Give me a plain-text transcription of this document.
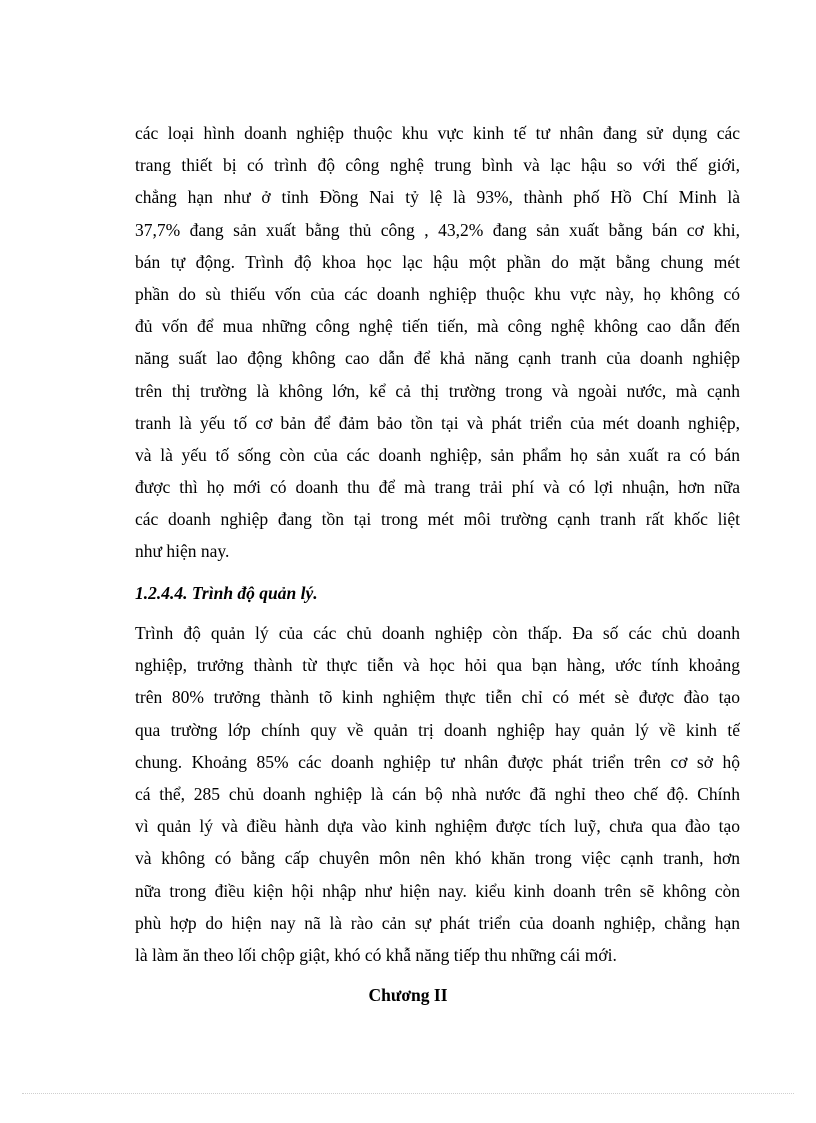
các loại hình doanh nghiệp thuộc khu vực kinh tế tư nhân đang sử dụng các
trang thiết bị có trình độ công nghệ trung bình và lạc hậu so với thế giới,
chẳng hạn như ở tỉnh Đồng Nai tỷ lệ là 93%, thành phố Hồ Chí Minh là
37,7% đang sản xuất bằng thủ công , 43,2% đang sản xuất bằng bán cơ khi,
bán tự động. Trình độ khoa học lạc hậu một phần do mặt bằng chung mét
phần do sù thiếu vốn của các doanh nghiệp thuộc khu vực này, họ không có
đủ vốn để mua những công nghệ tiến tiến, mà công nghệ không cao dẫn đến
năng suất lao động không cao dẫn để khả năng cạnh tranh của doanh nghiệp
trên thị trường là không lớn, kể cả thị trường trong và ngoài nước, mà cạnh
tranh là yếu tố cơ bản để đảm bảo tồn tại và phát triển của mét doanh nghiệp,
và là yếu tố sống còn của các doanh nghiệp, sản phẩm họ sản xuất ra có bán
được thì họ mới có doanh thu để mà trang trải phí và có lợi nhuận, hơn nữa
các doanh nghiệp đang tồn tại trong mét môi trường cạnh tranh rất khốc liệt
như hiện nay.
1.2.4.4. Trình độ quản lý.
Trình độ quản lý của các chủ doanh nghiệp còn thấp. Đa số các chủ doanh
nghiệp, trưởng thành từ thực tiễn và học hỏi qua bạn hàng, ước tính khoảng
trên 80% trưởng thành tõ kinh nghiệm thực tiễn chỉ có mét sè được đào tạo
qua trường lớp chính quy về quản trị doanh nghiệp hay quản lý về kinh tế
chung. Khoảng 85% các doanh nghiệp tư nhân được phát triển trên cơ sở hộ
cá thể, 285 chủ doanh nghiệp là cán bộ nhà nước đã nghỉ theo chế độ. Chính
vì quản lý và điều hành dựa vào kinh nghiệm được tích luỹ, chưa qua đào tạo
và không có bằng cấp chuyên môn nên khó khăn trong việc cạnh tranh, hơn
nữa trong điều kiện hội nhập như hiện nay. kiểu kinh doanh trên sẽ không còn
phù hợp do hiện nay nã là rào cản sự phát triển của doanh nghiệp, chẳng hạn
là làm ăn theo lối chộp giật, khó có khẫ năng tiếp thu những cái mới.
Chương II
